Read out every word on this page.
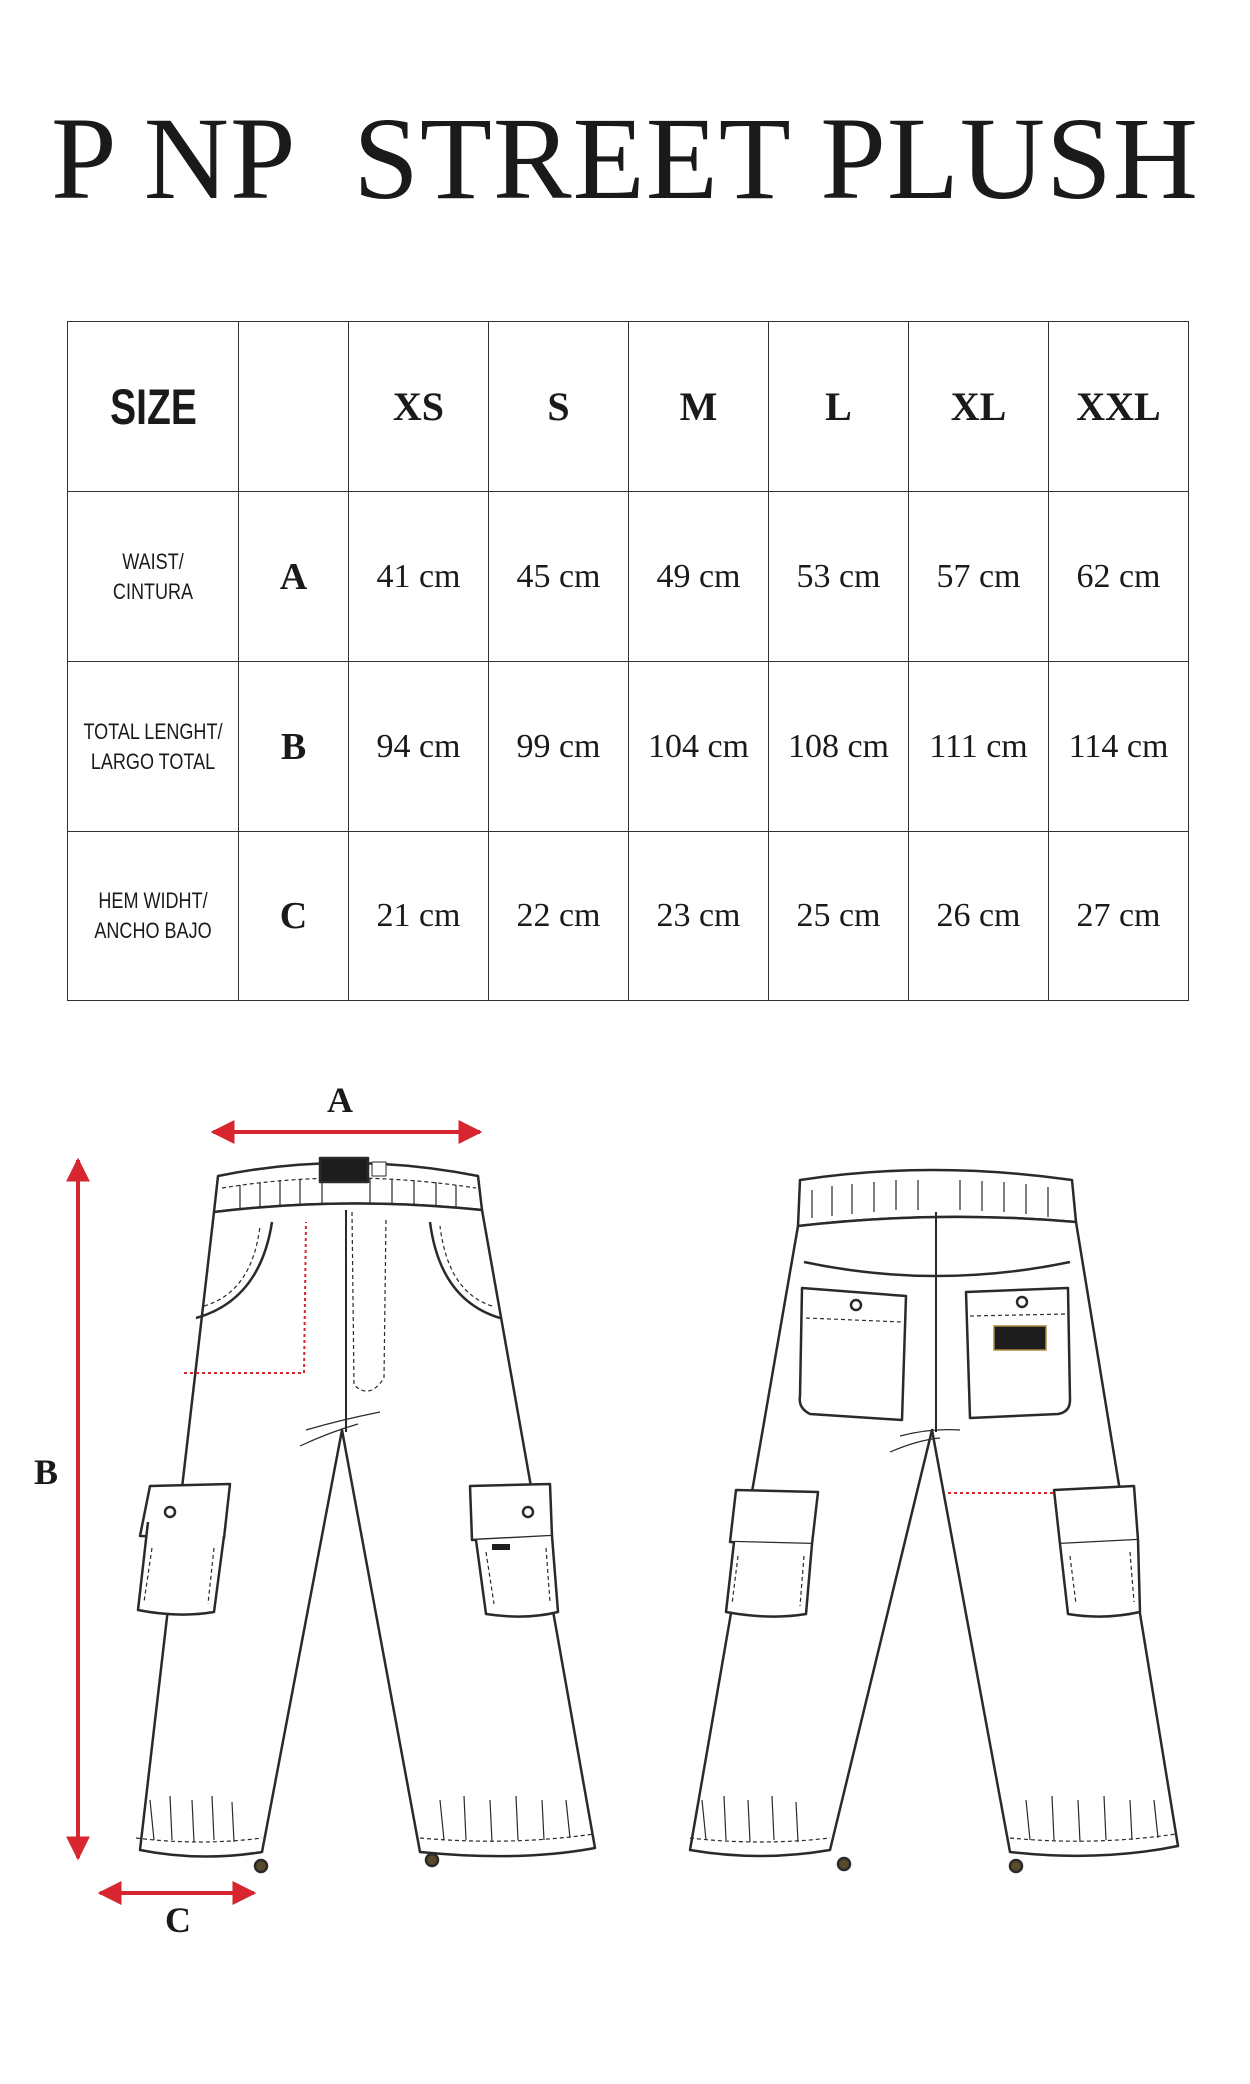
P NP  STREET PLUSH
SIZE		XS	S	M	L	XL	XXL

WAIST/
CINTURA	A	41 cm	45 cm	49 cm	53 cm	57 cm	62 cm

TOTAL LENGHT/
LARGO TOTAL	B	94 cm	99 cm	104 cm	108 cm	111 cm	114 cm

HEM WIDHT/
ANCHO BAJO	C	21 cm	22 cm	23 cm	25 cm	26 cm	27 cm
A
B
C
